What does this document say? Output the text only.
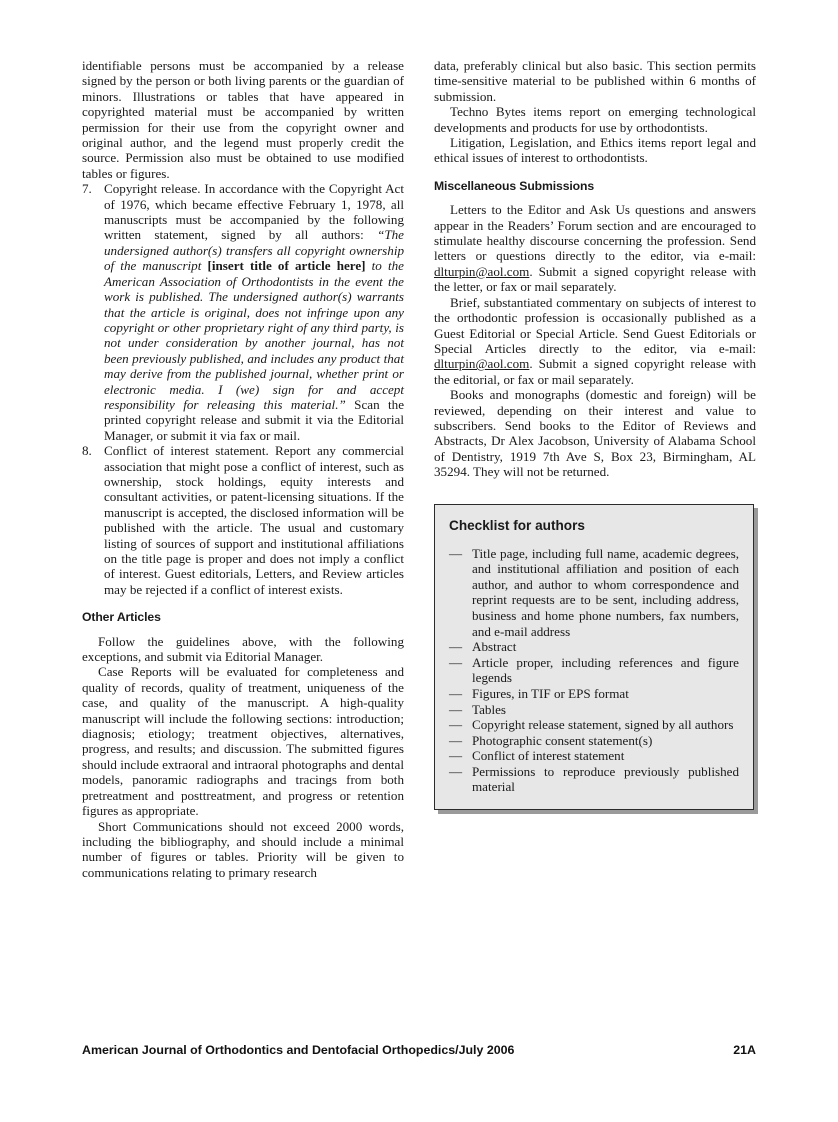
identifiable persons must be accompanied by a release signed by the person or both living parents or the guardian of minors. Illustrations or tables that have appeared in copyrighted material must be accompanied by written permission for their use from the copyright owner and original author, and the legend must properly credit the source. Permission also must be obtained to use modified tables or figures.

7. Copyright release. In accordance with the Copyright Act of 1976, which became effective February 1, 1978, all manuscripts must be accompanied by the following written statement, signed by all authors: “The undersigned author(s) transfers all copyright ownership of the manuscript [insert title of article here] to the American Association of Orthodontists in the event the work is published. The undersigned author(s) warrants that the article is original, does not infringe upon any copyright or other proprietary right of any third party, is not under consideration by another journal, has not been previously published, and includes any product that may derive from the published journal, whether print or electronic media. I (we) sign for and accept responsibility for releasing this material.” Scan the printed copyright release and submit it via the Editorial Manager, or submit it via fax or mail.

8. Conflict of interest statement. Report any commercial association that might pose a conflict of interest, such as ownership, stock holdings, equity interests and consultant activities, or patent-licensing situations. If the manuscript is accepted, the disclosed information will be published with the article. The usual and customary listing of sources of support and institutional affiliations on the title page is proper and does not imply a conflict of interest. Guest editorials, Letters, and Review articles may be rejected if a conflict of interest exists.

Other Articles

Follow the guidelines above, with the following exceptions, and submit via Editorial Manager.

Case Reports will be evaluated for completeness and quality of records, quality of treatment, uniqueness of the case, and quality of the manuscript. A high-quality manuscript will include the following sections: introduction; diagnosis; etiology; treatment objectives, alternatives, progress, and results; and discussion. The submitted figures should include extraoral and intraoral photographs and dental models, panoramic radiographs and tracings from both pretreatment and posttreatment, and progress or retention figures as appropriate.

Short Communications should not exceed 2000 words, including the bibliography, and should include a minimal number of figures or tables. Priority will be given to communications relating to primary research

data, preferably clinical but also basic. This section permits time-sensitive material to be published within 6 months of submission.

Techno Bytes items report on emerging technological developments and products for use by orthodontists.

Litigation, Legislation, and Ethics items report legal and ethical issues of interest to orthodontists.

Miscellaneous Submissions

Letters to the Editor and Ask Us questions and answers appear in the Readers’ Forum section and are encouraged to stimulate healthy discourse concerning the profession. Send letters or questions directly to the editor, via e-mail: dlturpin@aol.com. Submit a signed copyright release with the letter, or fax or mail separately.

Brief, substantiated commentary on subjects of interest to the orthodontic profession is occasionally published as a Guest Editorial or Special Article. Send Guest Editorials or Special Articles directly to the editor, via e-mail: dlturpin@aol.com. Submit a signed copyright release with the editorial, or fax or mail separately.

Books and monographs (domestic and foreign) will be reviewed, depending on their interest and value to subscribers. Send books to the Editor of Reviews and Abstracts, Dr Alex Jacobson, University of Alabama School of Dentistry, 1919 7th Ave S, Box 23, Birmingham, AL 35294. They will not be returned.

Checklist for authors

— Title page, including full name, academic degrees, and institutional affiliation and position of each author, and author to whom correspondence and reprint requests are to be sent, including address, business and home phone numbers, fax numbers, and e-mail address
— Abstract
— Article proper, including references and figure legends
— Figures, in TIF or EPS format
— Tables
— Copyright release statement, signed by all authors
— Photographic consent statement(s)
— Conflict of interest statement
— Permissions to reproduce previously published material
American Journal of Orthodontics and Dentofacial Orthopedics/July 2006	21A
